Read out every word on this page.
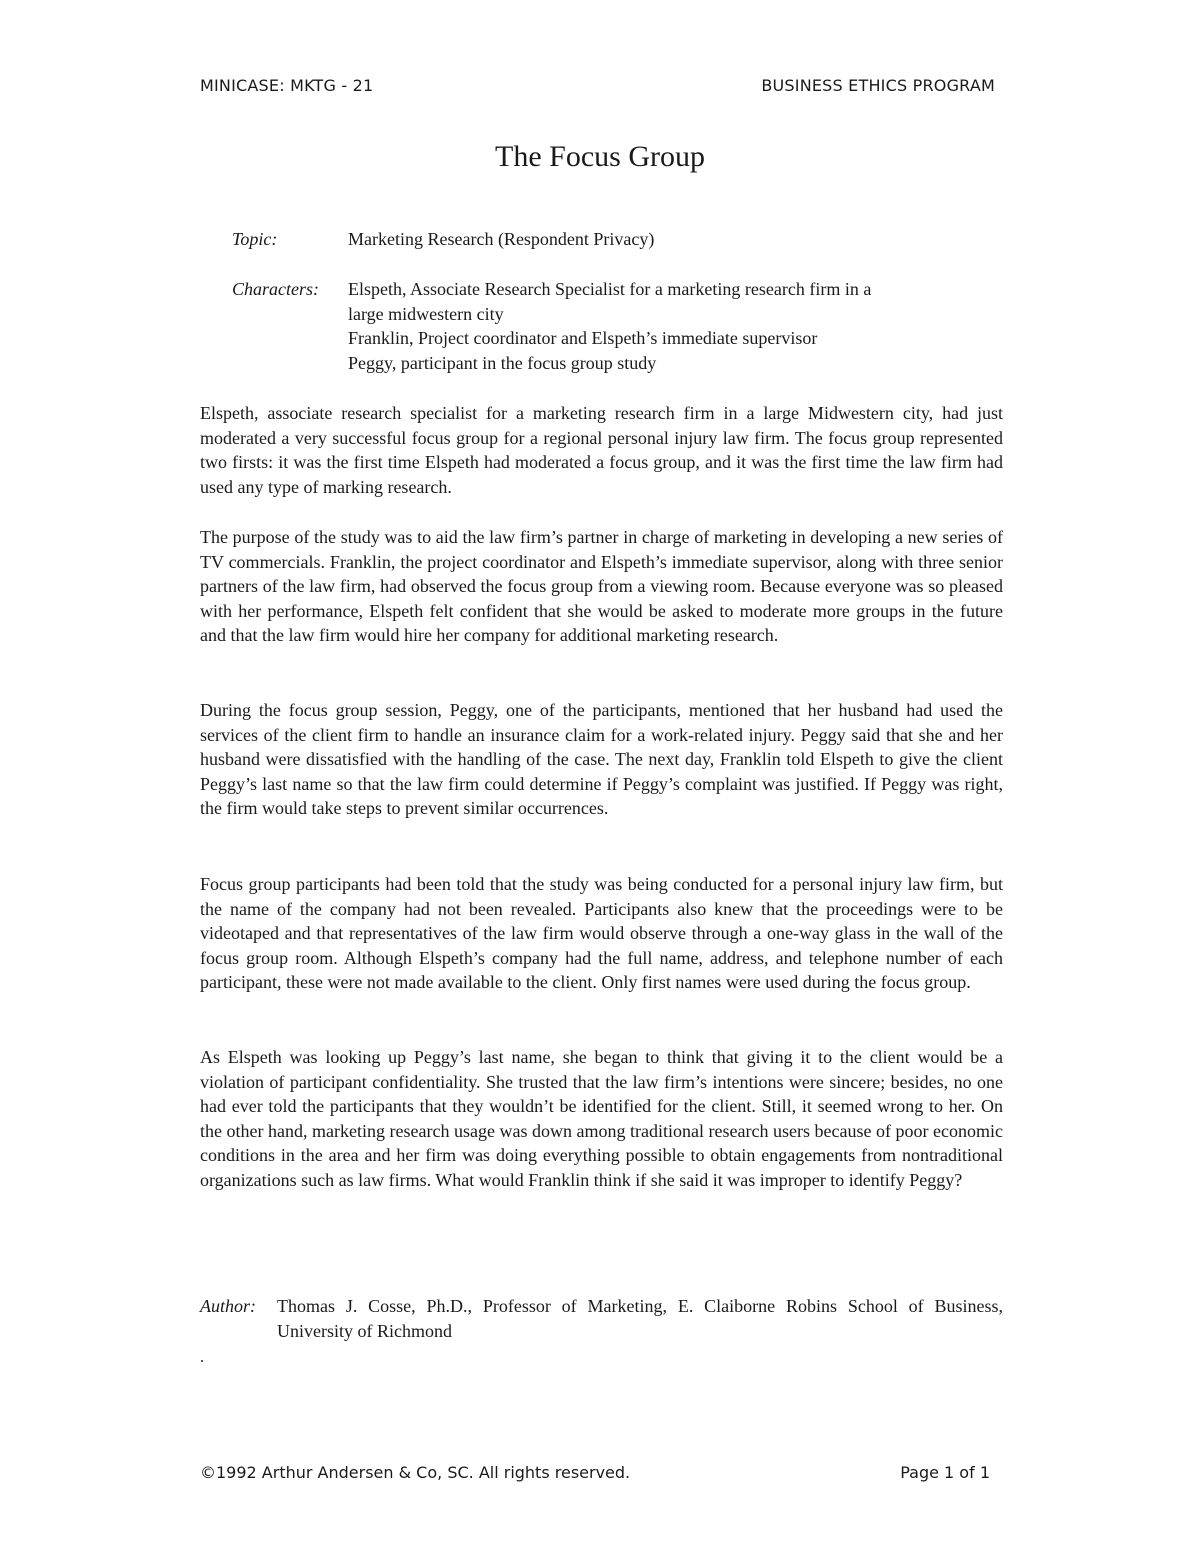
MINICASE: MKTG - 21	BUSINESS ETHICS PROGRAM
The Focus Group
Topic:	Marketing Research (Respondent Privacy)
Characters: Elspeth, Associate Research Specialist for a marketing research firm in a
large midwestern city
Franklin, Project coordinator and Elspeth’s immediate supervisor
Peggy, participant in the focus group study

Elspeth, associate research specialist for a marketing research firm in a large Midwestern city, had just moderated a very successful focus group for a regional personal injury law firm. The focus group represented two firsts: it was the first time Elspeth had moderated a focus group, and it was the first time the law firm had used any type of marking research.

The purpose of the study was to aid the law firm’s partner in charge of marketing in developing a new series of TV commercials. Franklin, the project coordinator and Elspeth’s immediate supervisor, along with three senior partners of the law firm, had observed the focus group from a viewing room. Because everyone was so pleased with her performance, Elspeth felt confident that she would be asked to moderate more groups in the future and that the law firm would hire her company for additional marketing research.

During the focus group session, Peggy, one of the participants, mentioned that her husband had used the services of the client firm to handle an insurance claim for a work-related injury. Peggy said that she and her husband were dissatisfied with the handling of the case. The next day, Franklin told Elspeth to give the client Peggy’s last name so that the law firm could determine if Peggy’s complaint was justified. If Peggy was right, the firm would take steps to prevent similar occurrences.

Focus group participants had been told that the study was being conducted for a personal injury law firm, but the name of the company had not been revealed. Participants also knew that the proceedings were to be videotaped and that representatives of the law firm would observe through a one-way glass in the wall of the focus group room. Although Elspeth’s company had the full name, address, and telephone number of each participant, these were not made available to the client. Only first names were used during the focus group.

As Elspeth was looking up Peggy’s last name, she began to think that giving it to the client would be a violation of participant confidentiality. She trusted that the law firm’s intentions were sincere; besides, no one had ever told the participants that they wouldn’t be identified for the client. Still, it seemed wrong to her. On the other hand, marketing research usage was down among traditional research users because of poor economic conditions in the area and her firm was doing everything possible to obtain engagements from nontraditional organizations such as law firms. What would Franklin think if she said it was improper to identify Peggy?

Author: Thomas J. Cosse, Ph.D., Professor of Marketing, E. Claiborne Robins School of Business, University of Richmond
©1992 Arthur Andersen & Co, SC. All rights reserved.	Page 1 of 1
